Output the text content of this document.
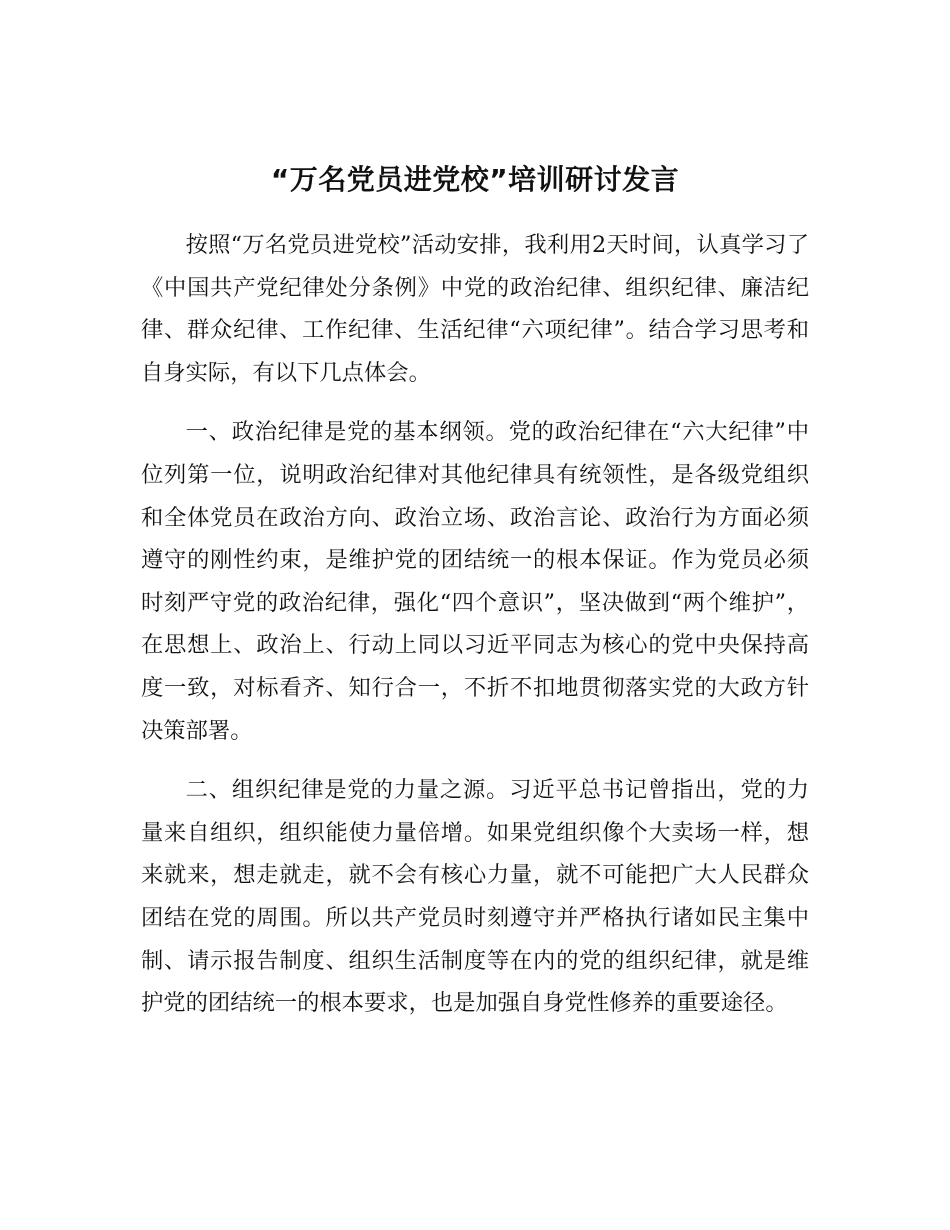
“万名党员进党校”培训研讨发言

按照“万名党员进党校”活动安排，我利用2天时间，认真学习了《中国共产党纪律处分条例》中党的政治纪律、组织纪律、廉洁纪律、群众纪律、工作纪律、生活纪律“六项纪律”。结合学习思考和自身实际，有以下几点体会。

一、政治纪律是党的基本纲领。党的政治纪律在“六大纪律”中位列第一位，说明政治纪律对其他纪律具有统领性，是各级党组织和全体党员在政治方向、政治立场、政治言论、政治行为方面必须遵守的刚性约束，是维护党的团结统一的根本保证。作为党员必须时刻严守党的政治纪律，强化“四个意识”，坚决做到“两个维护”，在思想上、政治上、行动上同以习近平同志为核心的党中央保持高度一致，对标看齐、知行合一，不折不扣地贯彻落实党的大政方针决策部署。

二、组织纪律是党的力量之源。习近平总书记曾指出，党的力量来自组织，组织能使力量倍增。如果党组织像个大卖场一样，想来就来，想走就走，就不会有核心力量，就不可能把广大人民群众团结在党的周围。所以共产党员时刻遵守并严格执行诸如民主集中制、请示报告制度、组织生活制度等在内的党的组织纪律，就是维护党的团结统一的根本要求，也是加强自身党性修养的重要途径。
